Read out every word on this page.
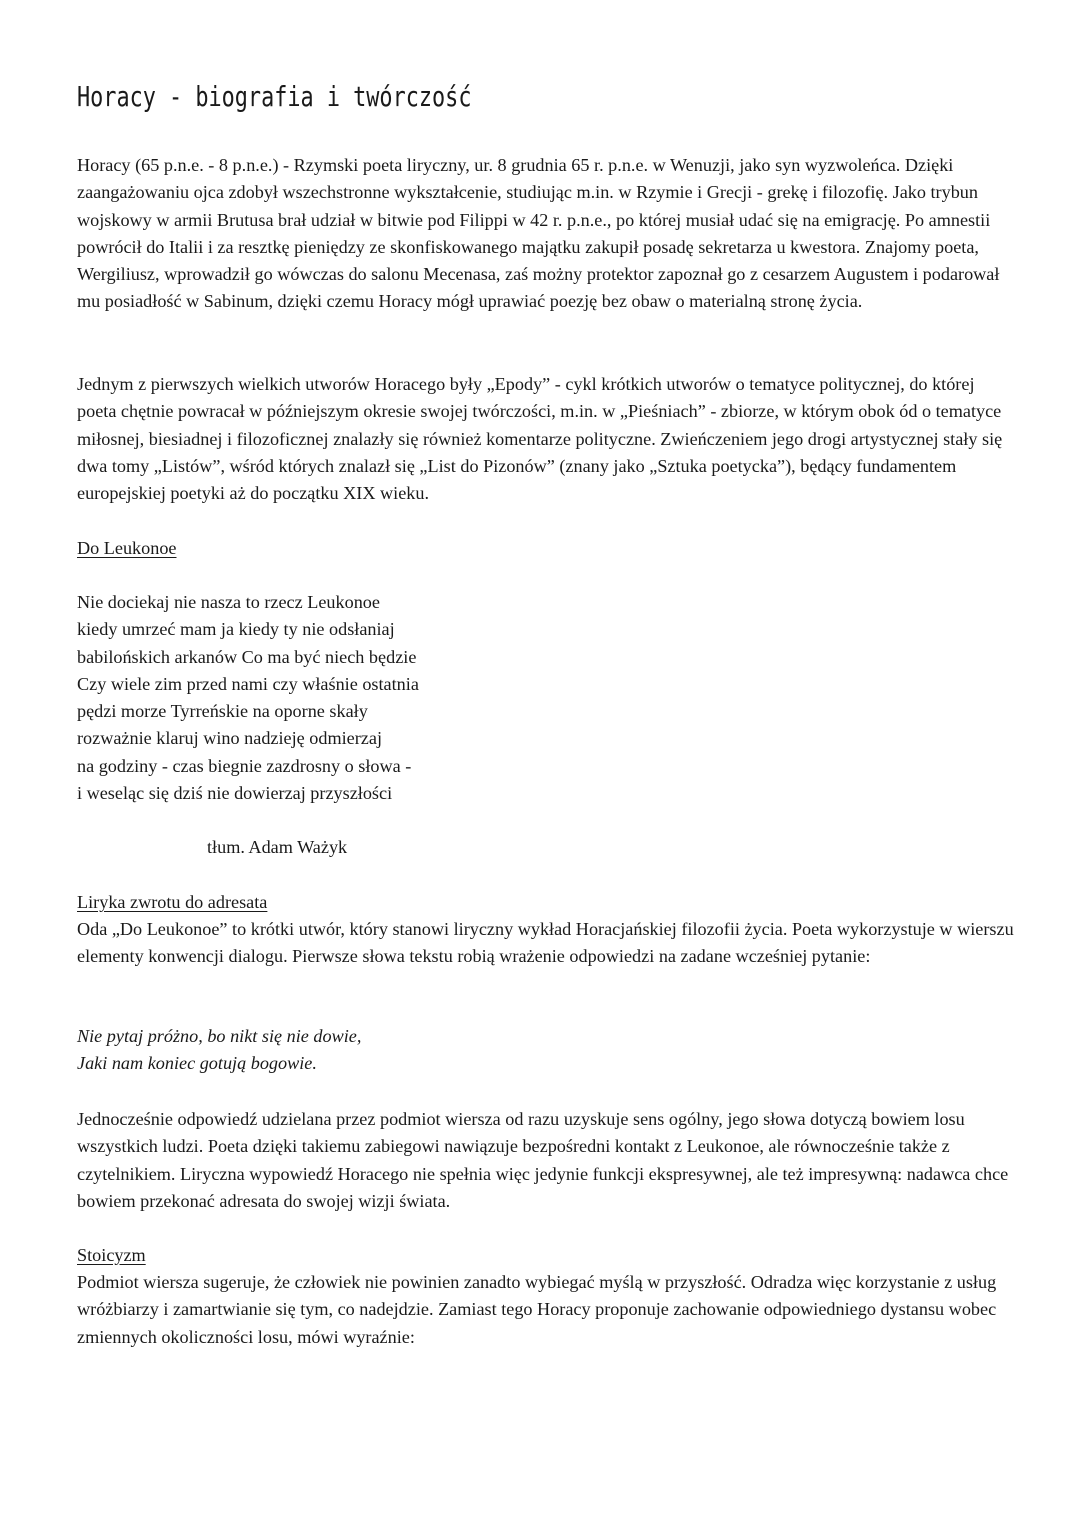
Horacy - biografia i twórczość

Horacy (65 p.n.e. - 8 p.n.e.) - Rzymski poeta liryczny, ur. 8 grudnia 65 r. p.n.e. w Wenuzji, jako syn wyzwoleńca. Dzięki zaangażowaniu ojca zdobył wszechstronne wykształcenie, studiując m.in. w Rzymie i Grecji - grekę i filozofię. Jako trybun wojskowy w armii Brutusa brał udział w bitwie pod Filippi w 42 r. p.n.e., po której musiał udać się na emigrację. Po amnestii powrócił do Italii i za resztkę pieniędzy ze skonfiskowanego majątku zakupił posadę sekretarza u kwestora. Znajomy poeta, Wergiliusz, wprowadził go wówczas do salonu Mecenasa, zaś możny protektor zapoznał go z cesarzem Augustem i podarował mu posiadłość w Sabinum, dzięki czemu Horacy mógł uprawiać poezję bez obaw o materialną stronę życia.

Jednym z pierwszych wielkich utworów Horacego były „Epody” - cykl krótkich utworów o tematyce politycznej, do której poeta chętnie powracał w późniejszym okresie swojej twórczości, m.in. w „Pieśniach” - zbiorze, w którym obok ód o tematyce miłosnej, biesiadnej i filozoficznej znalazły się również komentarze polityczne. Zwieńczeniem jego drogi artystycznej stały się dwa tomy „Listów”, wśród których znalazł się „List do Pizonów” (znany jako „Sztuka poetycka”), będący fundamentem europejskiej poetyki aż do początku XIX wieku.

Do Leukonoe

Nie dociekaj nie nasza to rzecz Leukonoe
kiedy umrzeć mam ja kiedy ty nie odsłaniaj
babilońskich arkanów Co ma być niech będzie
Czy wiele zim przed nami czy właśnie ostatnia
pędzi morze Tyrreńskie na oporne skały
rozważnie klaruj wino nadzieję odmierzaj
na godziny - czas biegnie zazdrosny o słowa -
i weseląc się dziś nie dowierzaj przyszłości
tłum. Adam Ważyk

Liryka zwrotu do adresata

Oda „Do Leukonoe” to krótki utwór, który stanowi liryczny wykład Horacjańskiej filozofii życia. Poeta wykorzystuje w wierszu elementy konwencji dialogu. Pierwsze słowa tekstu robią wrażenie odpowiedzi na zadane wcześniej pytanie:

Nie pytaj próżno, bo nikt się nie dowie,
Jaki nam koniec gotują bogowie.

Jednocześnie odpowiedź udzielana przez podmiot wiersza od razu uzyskuje sens ogólny, jego słowa dotyczą bowiem losu wszystkich ludzi. Poeta dzięki takiemu zabiegowi nawiązuje bezpośredni kontakt z Leukonoe, ale równocześnie także z czytelnikiem. Liryczna wypowiedź Horacego nie spełnia więc jedynie funkcji ekspresywnej, ale też impresywną: nadawca chce bowiem przekonać adresata do swojej wizji świata.

Stoicyzm

Podmiot wiersza sugeruje, że człowiek nie powinien zanadto wybiegać myślą w przyszłość. Odradza więc korzystanie z usług wróżbiarzy i zamartwianie się tym, co nadejdzie. Zamiast tego Horacy proponuje zachowanie odpowiedniego dystansu wobec zmiennych okoliczności losu, mówi wyraźnie:
